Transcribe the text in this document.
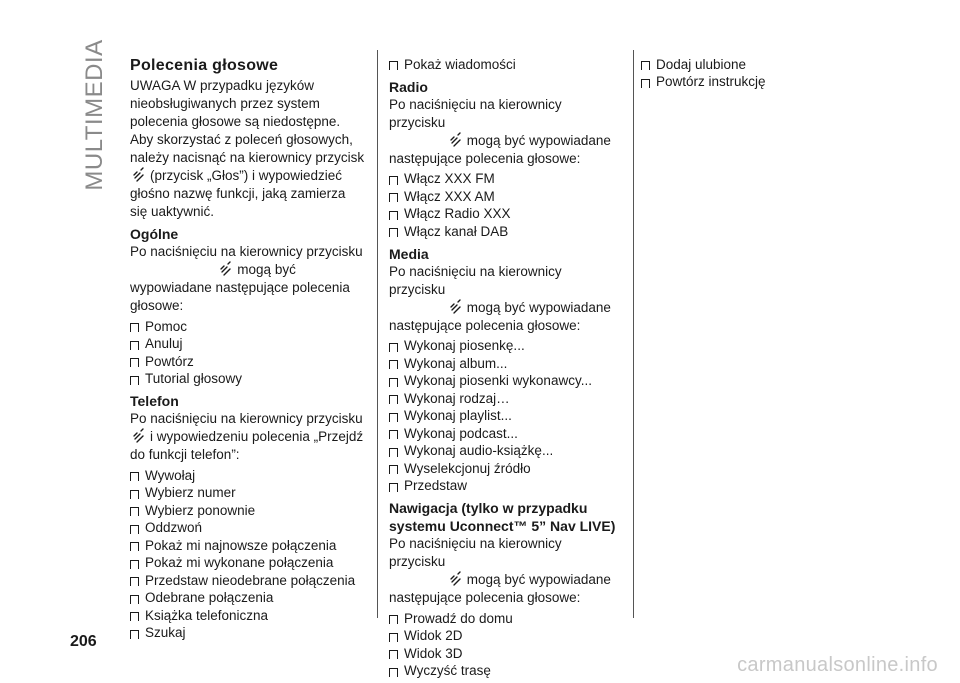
MULTIMEDIA Polecenia głosowe

UWAGA W przypadku języków nieobsługiwanych przez system polecenia głosowe są niedostępne. Aby skorzystać z poleceń głosowych, należy nacisnąć na kierownicy przycisk

(przycisk „Głos”) i wypowiedzieć głośno nazwę funkcji, jaką zamierza się uaktywnić.

Ogólne

Po naciśnięciu na kierownicy przycisku
mogą być wypowiadane następujące polecenia głosowe:

Pomoc
Anuluj
Powtórz
Tutorial głosowy
Telefon

Po naciśnięciu na kierownicy przycisku
i wypowiedzeniu polecenia „Przejdź do funkcji telefon”:

Wywołaj
Wybierz numer
Wybierz ponownie
Oddzwoń
Pokaż mi najnowsze połączenia
Pokaż mi wykonane połączenia
Przedstaw nieodebrane połączenia
Odebrane połączenia
Książka telefoniczna
Szukaj
Pokaż wiadomości
Radio

Po naciśnięciu na kierownicy przycisku
mogą być wypowiadane następujące polecenia głosowe:

Włącz XXX FM
Włącz XXX AM
Włącz Radio XXX
Włącz kanał DAB
Media

Po naciśnięciu na kierownicy przycisku
mogą być wypowiadane następujące polecenia głosowe:

Wykonaj piosenkę...
Wykonaj album...
Wykonaj piosenki wykonawcy...
Wykonaj rodzaj…
Wykonaj playlist...
Wykonaj podcast...
Wykonaj audio-książkę...
Wyselekcjonuj źródło
Przedstaw
Nawigacja (tylko w przypadku systemu Uconnect™ 5” Nav LIVE)

Po naciśnięciu na kierownicy przycisku
mogą być wypowiadane następujące polecenia głosowe:

Prowadź do domu
Widok 2D
Widok 3D
Wyczyść trasę
Dodaj ulubione
Powtórz instrukcję
206
carmanualsonline.info
